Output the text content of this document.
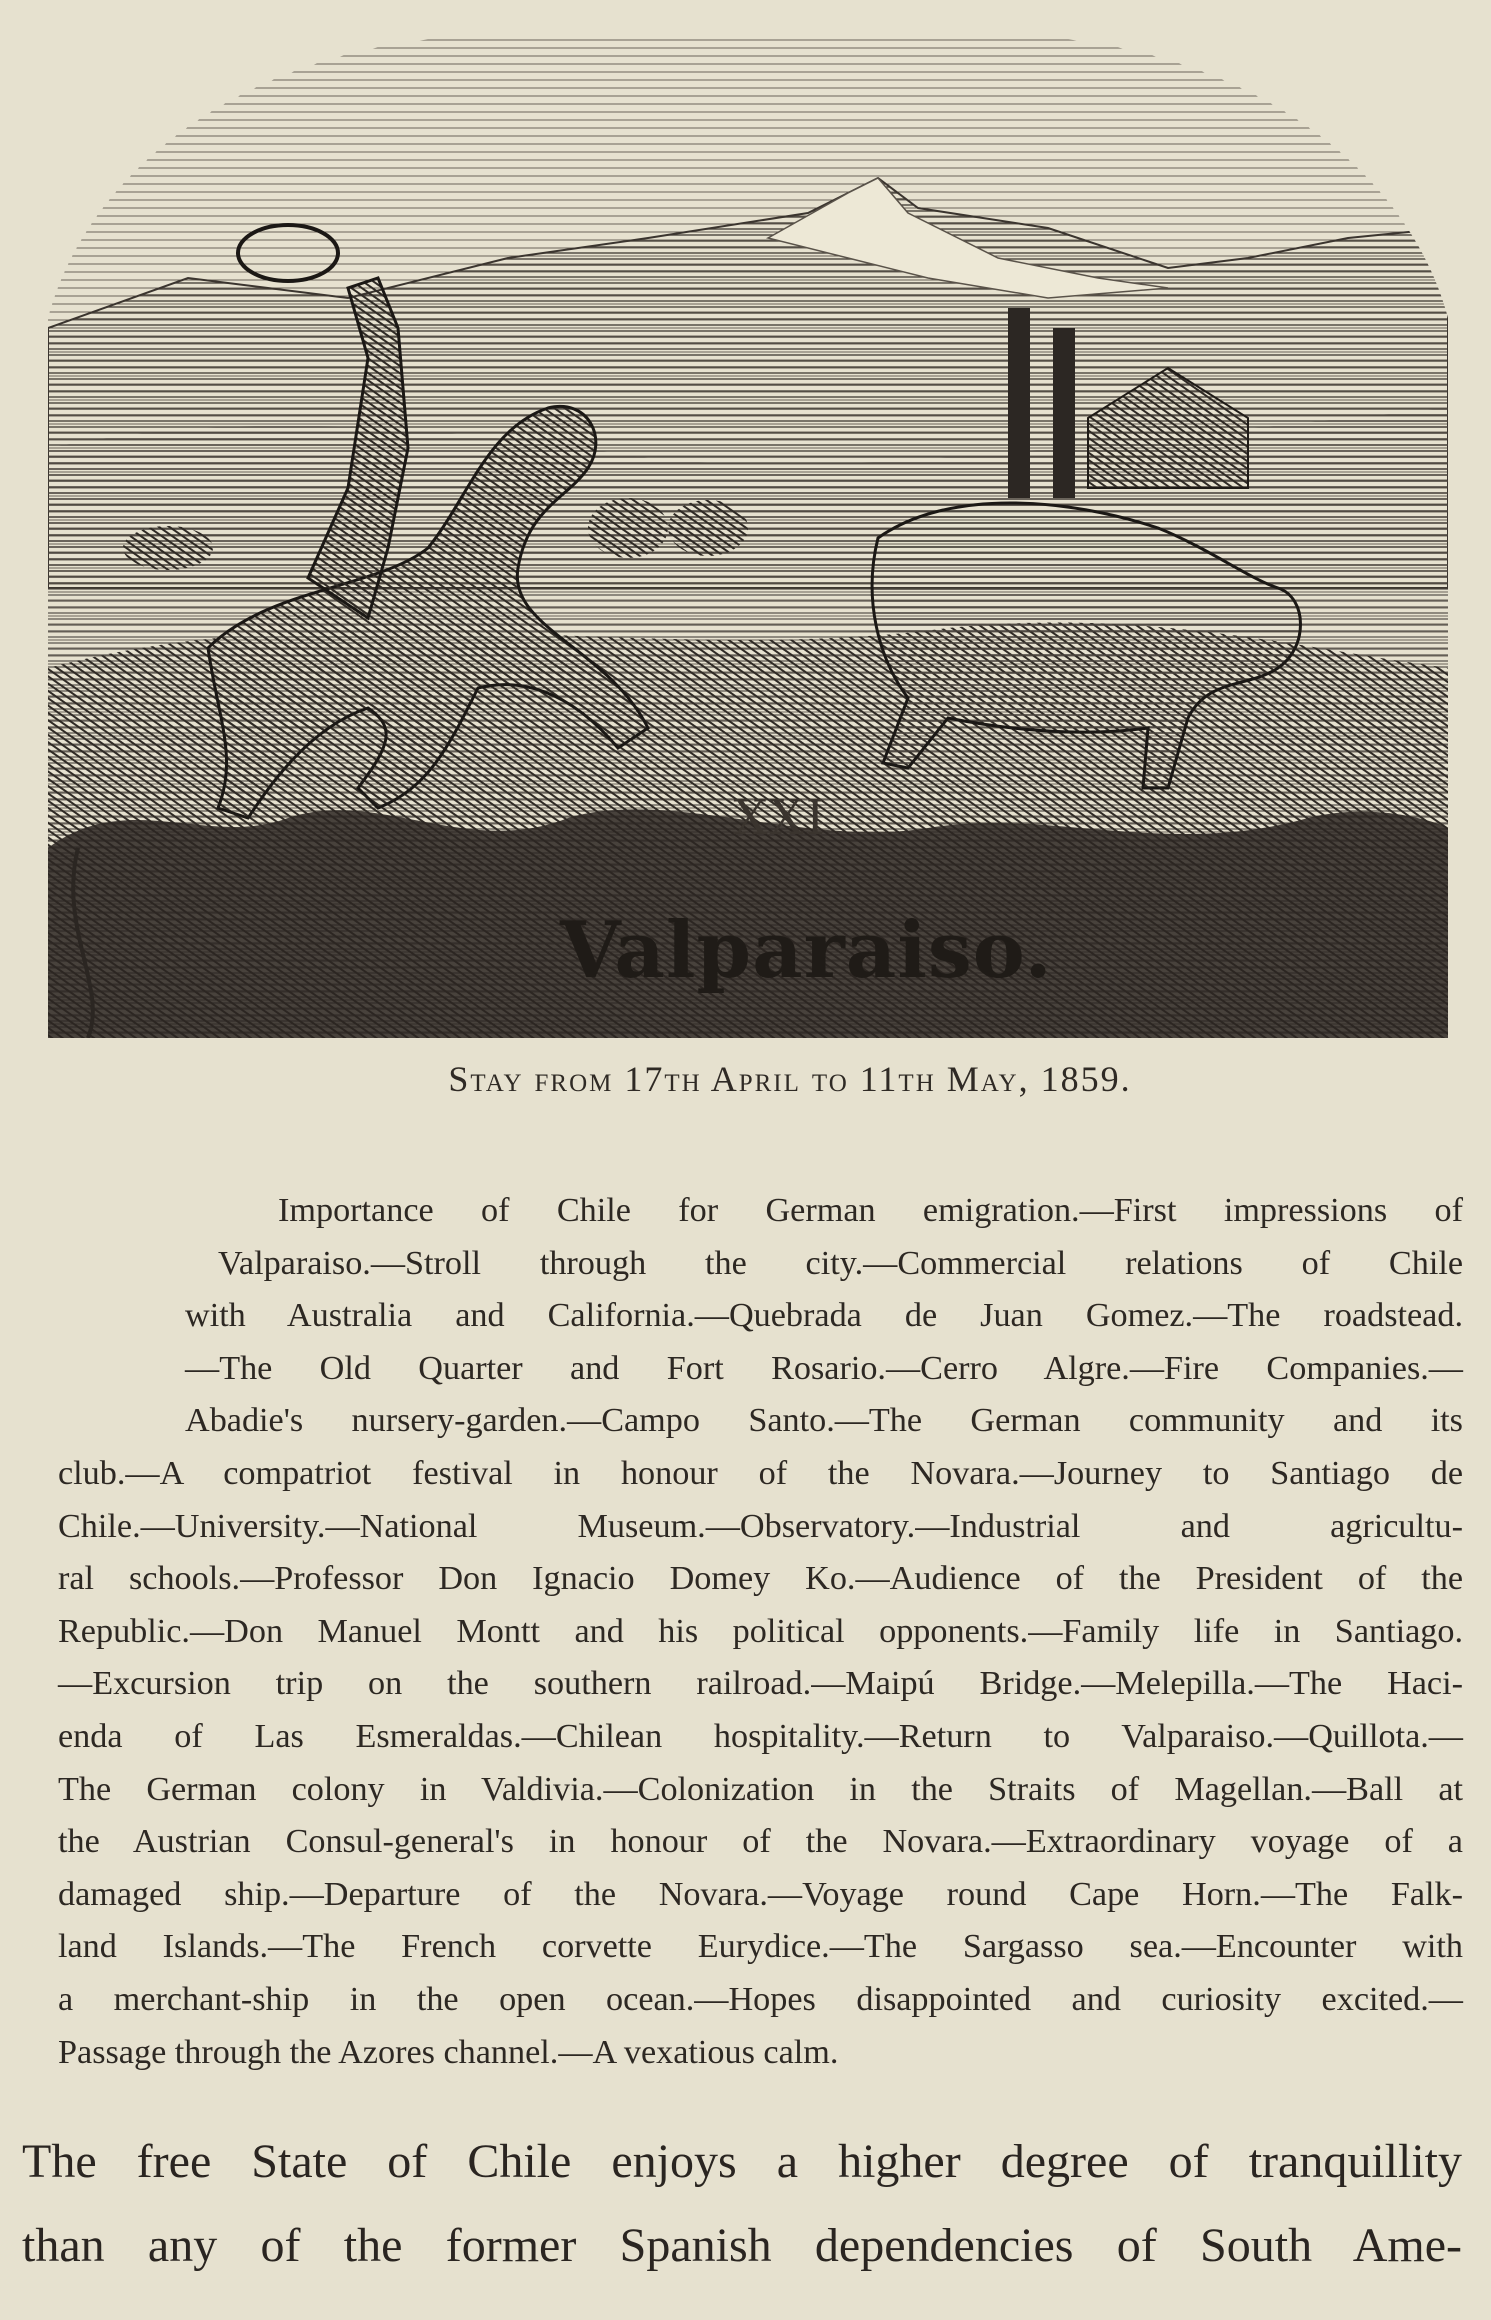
XXI
Valparaiso.
Stay from 17th April to 11th May, 1859.
Importance of Chile for German emigration.—First impressions of
Valparaiso.—Stroll through the city.—Commercial relations of Chile
with Australia and California.—Quebrada de Juan Gomez.—The roadstead.
—The Old Quarter and Fort Rosario.—Cerro Algre.—Fire Companies.—
Abadie's nursery-garden.—Campo Santo.—The German community and its
club.—A compatriot festival in honour of the Novara.—Journey to Santiago de
Chile.—University.—National Museum.—Observatory.—Industrial and agricultu-
ral schools.—Professor Don Ignacio Domey Ko.—Audience of the President of the
Republic.—Don Manuel Montt and his political opponents.—Family life in Santiago.
—Excursion trip on the southern railroad.—Maipú Bridge.—Melepilla.—The Haci-
enda of Las Esmeraldas.—Chilean hospitality.—Return to Valparaiso.—Quillota.—
The German colony in Valdivia.—Colonization in the Straits of Magellan.—Ball at
the Austrian Consul-general's in honour of the Novara.—Extraordinary voyage of a
damaged ship.—Departure of the Novara.—Voyage round Cape Horn.—The Falk-
land Islands.—The French corvette Eurydice.—The Sargasso sea.—Encounter with
a merchant-ship in the open ocean.—Hopes disappointed and curiosity excited.—
Passage through the Azores channel.—A vexatious calm.
The free State of Chile enjoys a higher degree of tranquillity
than any of the former Spanish dependencies of South Ame-
